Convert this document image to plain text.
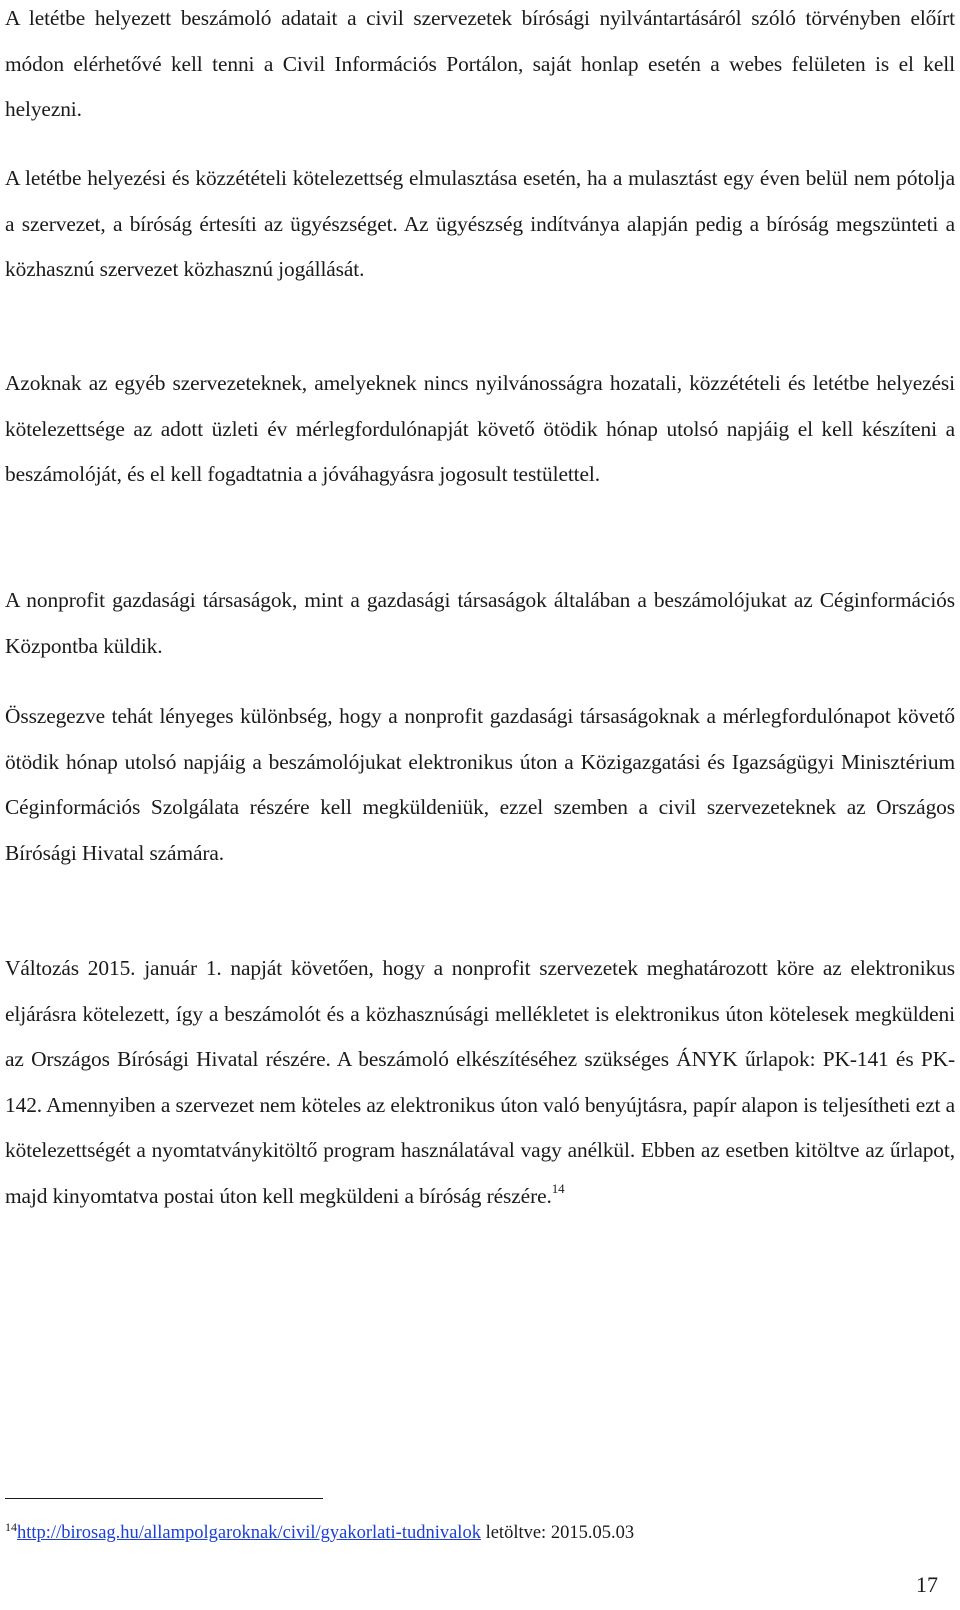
A letétbe helyezett beszámoló adatait a civil szervezetek bírósági nyilvántartásáról szóló törvényben előírt módon elérhetővé kell tenni a Civil Információs Portálon, saját honlap esetén a webes felületen is el kell helyezni.

A letétbe helyezési és közzétételi kötelezettség elmulasztása esetén, ha a mulasztást egy éven belül nem pótolja a szervezet, a bíróság értesíti az ügyészséget. Az ügyészség indítványa alapján pedig a bíróság megszünteti a közhasznú szervezet közhasznú jogállását.

Azoknak az egyéb szervezeteknek, amelyeknek nincs nyilvánosságra hozatali, közzétételi és letétbe helyezési kötelezettsége az adott üzleti év mérlegfordulónapját követő ötödik hónap utolsó napjáig el kell készíteni a beszámolóját, és el kell fogadtatnia a jóváhagyásra jogosult testülettel.

A nonprofit gazdasági társaságok, mint a gazdasági társaságok általában a beszámolójukat az Céginformációs Központba küldik.

Összegezve tehát lényeges különbség, hogy a nonprofit gazdasági társaságoknak a mérlegfordulónapot követő ötödik hónap utolsó napjáig a beszámolójukat elektronikus úton a Közigazgatási és Igazságügyi Minisztérium Céginformációs Szolgálata részére kell megküldeniük, ezzel szemben a civil szervezeteknek az Országos Bírósági Hivatal számára.

Változás 2015. január 1. napját követően, hogy a nonprofit szervezetek meghatározott köre az elektronikus eljárásra kötelezett, így a beszámolót és a közhasznúsági mellékletet is elektronikus úton kötelesek megküldeni az Országos Bírósági Hivatal részére. A beszámoló elkészítéséhez szükséges ÁNYK űrlapok: PK-141 és PK-142. Amennyiben a szervezet nem köteles az elektronikus úton való benyújtásra, papír alapon is teljesítheti ezt a kötelezettségét a nyomtatványkitöltő program használatával vagy anélkül. Ebben az esetben kitöltve az űrlapot, majd kinyomtatva postai úton kell megküldeni a bíróság részére.$^{14}$

$^{14}$http://birosag.hu/allampolgaroknak/civil/gyakorlati-tudnivalok letöltve: 2015.05.03
17
